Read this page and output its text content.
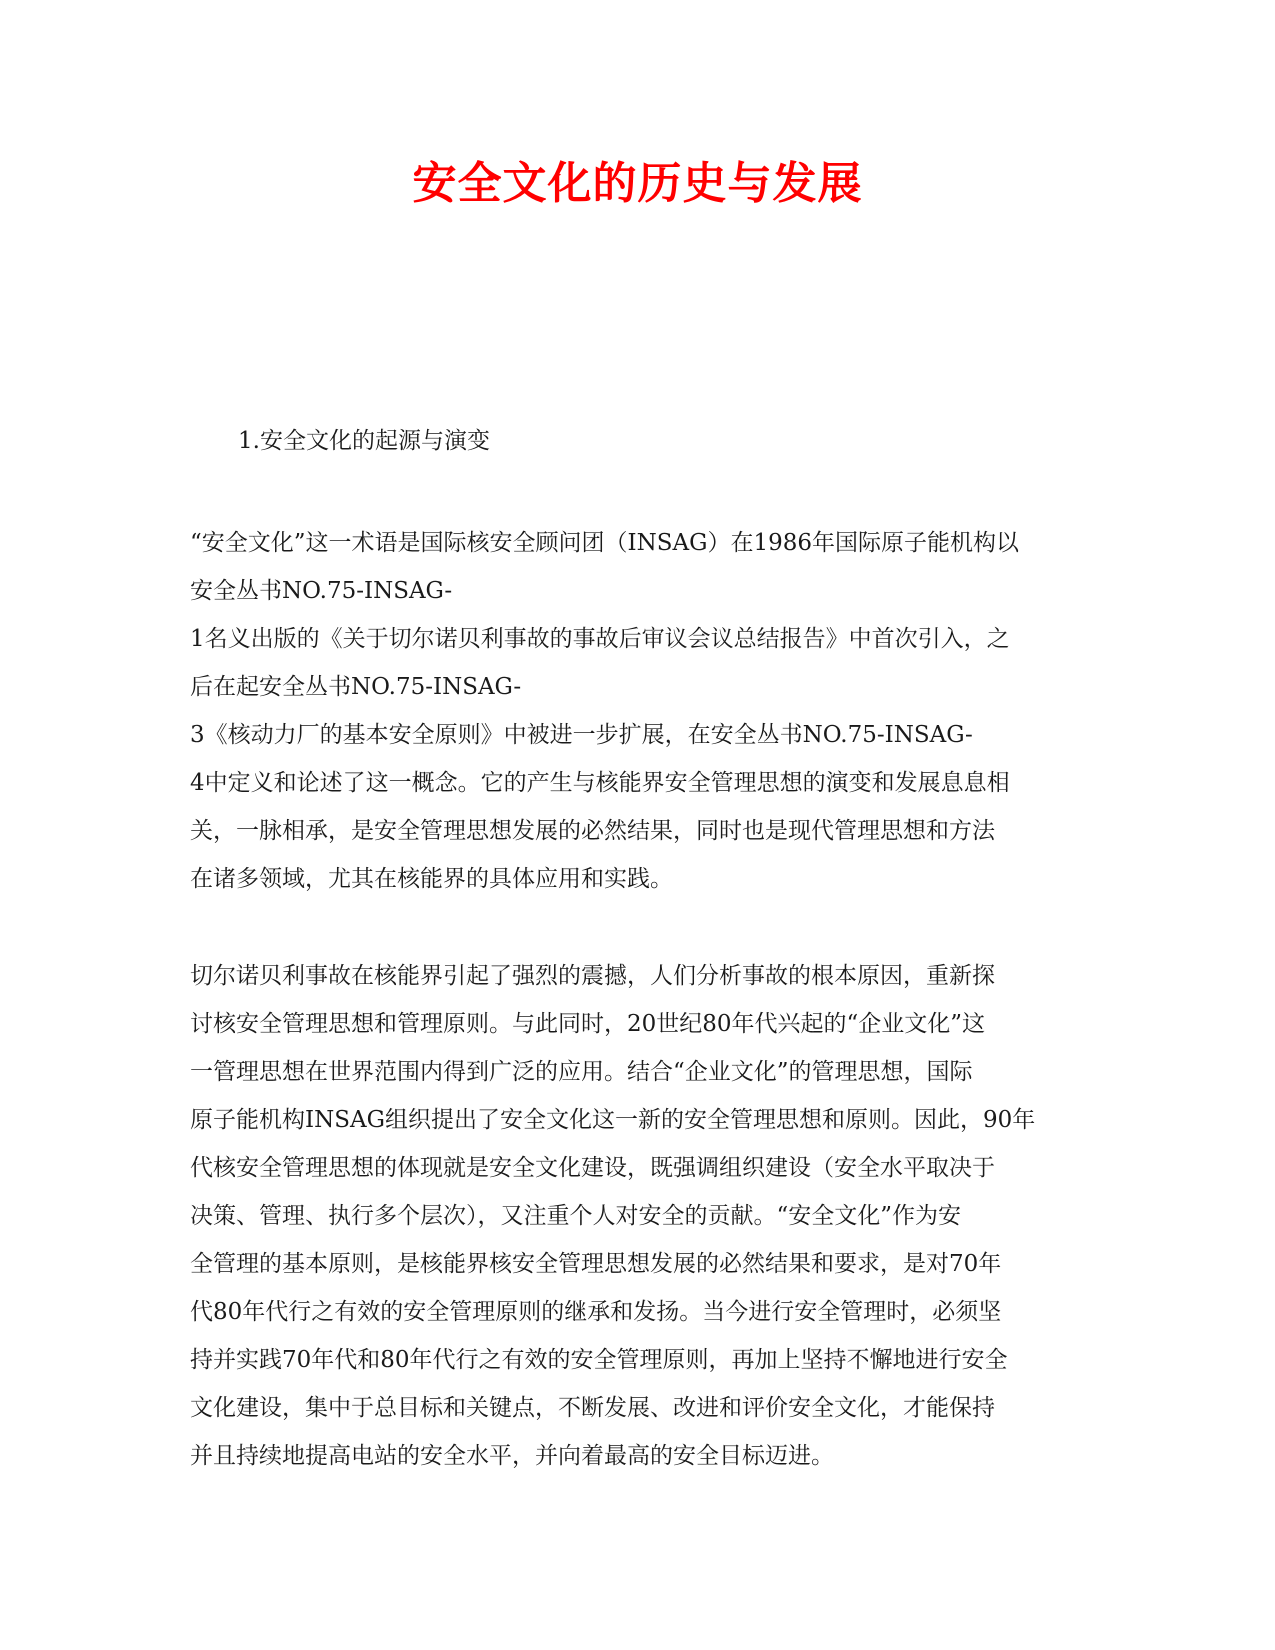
安全文化的历史与发展

1.安全文化的起源与演变

“安全文化”这一术语是国际核安全顾问团（INSAG）在1986年国际原子能机构以
安全丛书NO.75-INSAG-
1名义出版的《关于切尔诺贝利事故的事故后审议会议总结报告》中首次引入，之
后在起安全丛书NO.75-INSAG-
3《核动力厂的基本安全原则》中被进一步扩展，在安全丛书NO.75-INSAG-
4中定义和论述了这一概念。它的产生与核能界安全管理思想的演变和发展息息相
关，一脉相承，是安全管理思想发展的必然结果，同时也是现代管理思想和方法
在诸多领域，尤其在核能界的具体应用和实践。
切尔诺贝利事故在核能界引起了强烈的震撼，人们分析事故的根本原因，重新探
讨核安全管理思想和管理原则。与此同时，20世纪80年代兴起的“企业文化”这
一管理思想在世界范围内得到广泛的应用。结合“企业文化”的管理思想，国际
原子能机构INSAG组织提出了安全文化这一新的安全管理思想和原则。因此，90年
代核安全管理思想的体现就是安全文化建设，既强调组织建设（安全水平取决于
决策、管理、执行多个层次），又注重个人对安全的贡献。“安全文化”作为安
全管理的基本原则，是核能界核安全管理思想发展的必然结果和要求，是对70年
代80年代行之有效的安全管理原则的继承和发扬。当今进行安全管理时，必须坚
持并实践70年代和80年代行之有效的安全管理原则，再加上坚持不懈地进行安全
文化建设，集中于总目标和关键点，不断发展、改进和评价安全文化，才能保持
并且持续地提高电站的安全水平，并向着最高的安全目标迈进。
